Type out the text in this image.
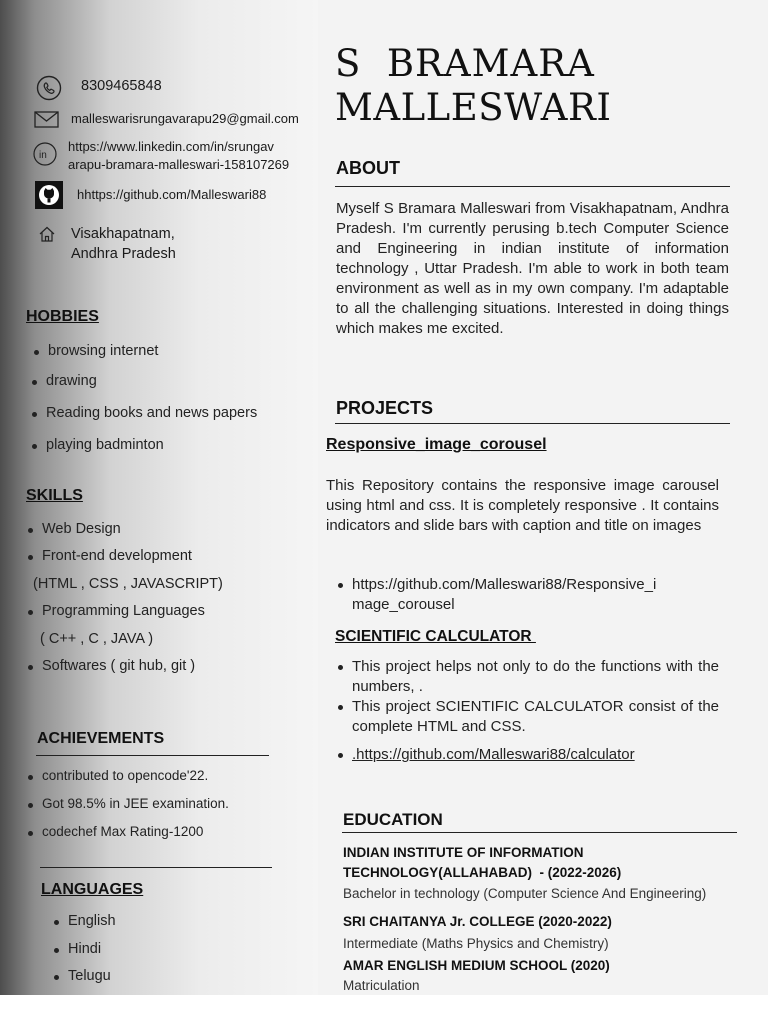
8309465848
malleswarisrungavarapu29@gmail.com
in
https://www.linkedin.com/in/srungav
arapu-bramara-malleswari-158107269
hhttps://github.com/Malleswari88
Visakhapatnam,
Andhra Pradesh
HOBBIES
browsing internet
drawing
Reading books and news papers
playing badminton
SKILLS
Web Design
Front-end development
(HTML , CSS , JAVASCRIPT)
Programming Languages
( C++ , C , JAVA )
Softwares ( git hub, git )
ACHIEVEMENTS
contributed to opencode'22.
Got 98.5% in JEE examination.
codechef Max Rating-1200
LANGUAGES
English
Hindi
Telugu
S  BRAMARA
MALLESWARI
ABOUT
Myself S Bramara Malleswari from Visakhapatnam, Andhra Pradesh. I'm currently perusing b.tech Computer Science and Engineering in indian institute of information technology , Uttar Pradesh. I'm able to work in both team environment as well as in my own company. I'm adaptable to all the challenging situations. Interested in doing things which makes me excited.
PROJECTS
Responsive_image_corousel
This Repository contains the responsive image carousel using html and css. It is completely responsive . It contains indicators and slide bars with caption and title on images
https://github.com/Malleswari88/Responsive_i
mage_corousel
SCIENTIFIC CALCULATOR
This project helps not only to do the functions with the numbers, .
This project SCIENTIFIC CALCULATOR consist of the complete HTML and CSS.
.https://github.com/Malleswari88/calculator
EDUCATION
INDIAN INSTITUTE OF INFORMATION
TECHNOLOGY(ALLAHABAD)  - (2022-2026)
Bachelor in technology (Computer Science And Engineering)
SRI CHAITANYA Jr. COLLEGE (2020-2022)
Intermediate (Maths Physics and Chemistry)
AMAR ENGLISH MEDIUM SCHOOL (2020)
Matriculation
